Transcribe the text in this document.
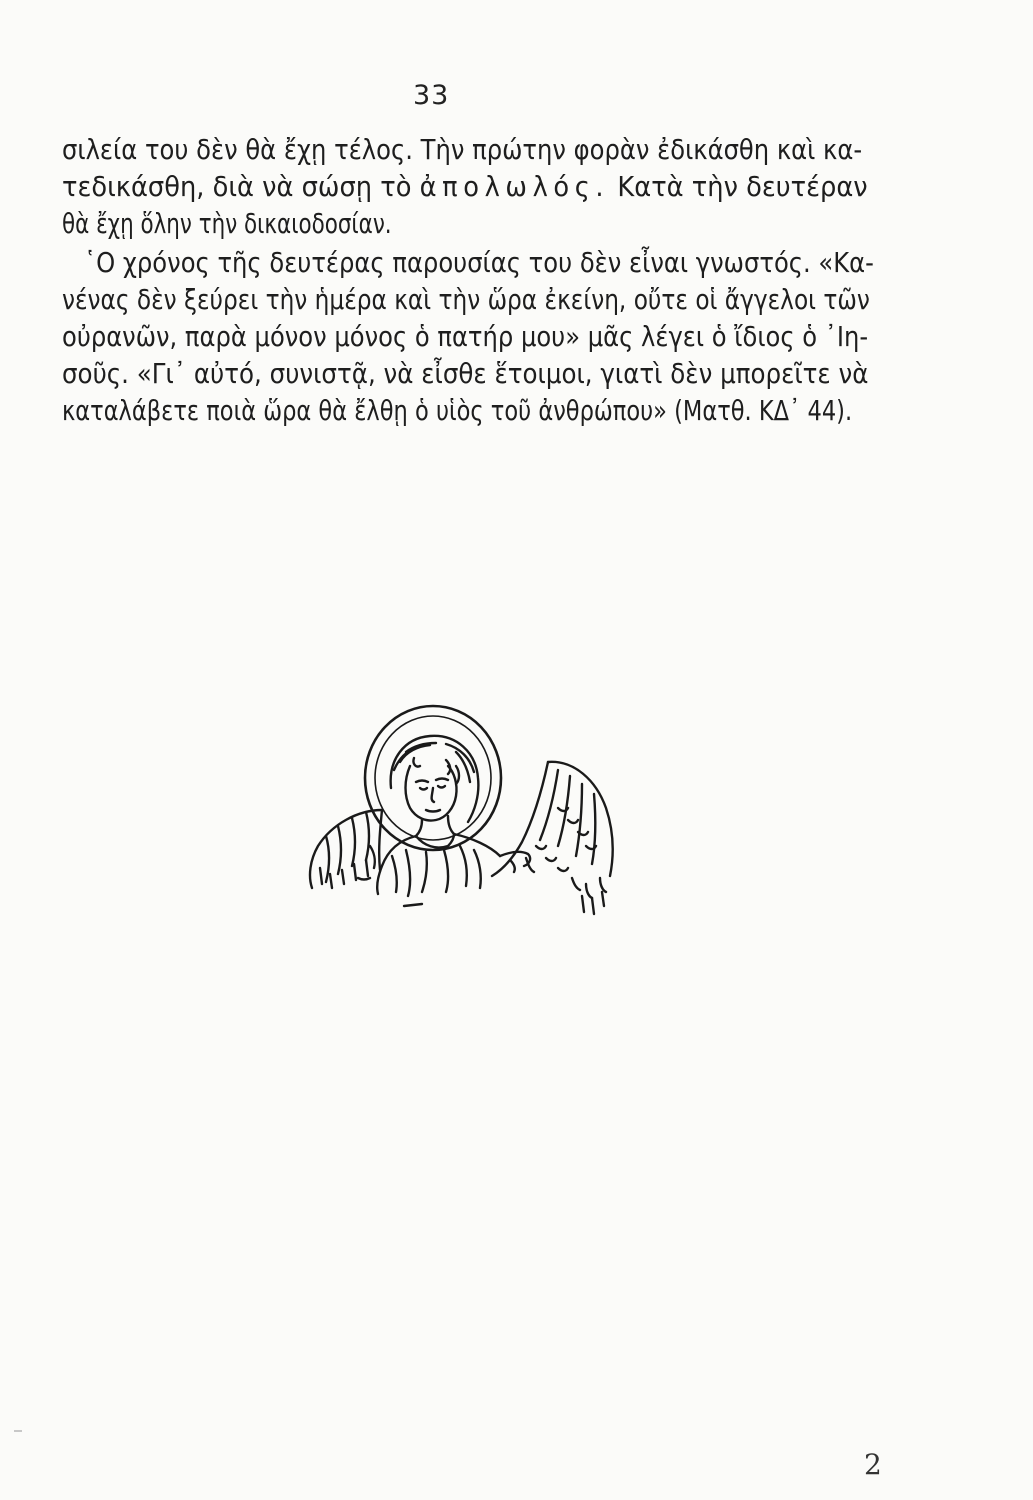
33
σιλεία του δὲν θὰ ἔχῃ τέλος. Τὴν πρώτην φορὰν ἐδικάσθη καὶ κα-
τεδικάσθη, διὰ νὰ σώσῃ τὸ ἀπολωλός. Κατὰ τὴν δευτέραν
θὰ ἔχῃ ὅλην τὴν δικαιοδοσίαν.
῾Ο χρόνος τῆς δευτέρας παρουσίας του δὲν εἶναι γνωστός. «Κα-
νένας δὲν ξεύρει τὴν ἡμέρα καὶ τὴν ὥρα ἐκείνη, οὔτε οἱ ἄγγελοι τῶν
οὐρανῶν, παρὰ μόνον μόνος ὁ πατήρ μου» μᾶς λέγει ὁ ἴδιος ὁ ᾽Ιη-
σοῦς. «Γι᾽ αὐτό, συνιστᾷ, νὰ εἶσθε ἕτοιμοι, γιατὶ δὲν μπορεῖτε νὰ
καταλάβετε ποιὰ ὥρα θὰ ἔλθῃ ὁ υἱὸς τοῦ ἀνθρώπου» (Ματθ. ΚΔ᾽ 44).
2
